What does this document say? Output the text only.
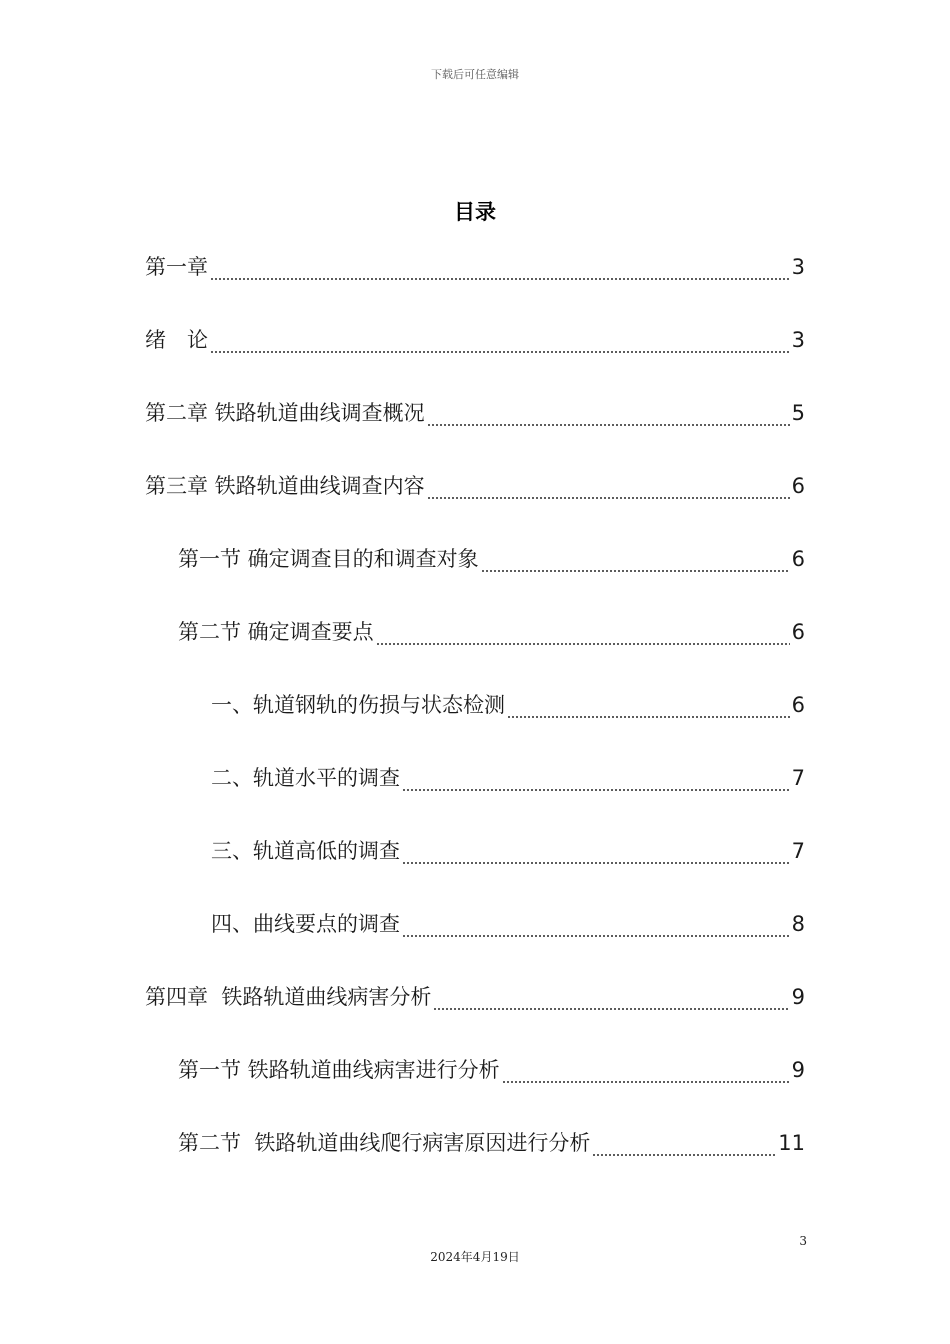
下载后可任意编辑
目录
第一章	3
绪　论	3
第二章 铁路轨道曲线调查概况	5
第三章 铁路轨道曲线调查内容	6
第一节 确定调查目的和调查对象	6
第二节 确定调查要点	6
一、轨道钢轨的伤损与状态检测	6
二、轨道水平的调查	7
三、轨道高低的调查	7
四、曲线要点的调查	8
第四章  铁路轨道曲线病害分析	9
第一节 铁路轨道曲线病害进行分析	9
第二节  铁路轨道曲线爬行病害原因进行分析	11
3
2024年4月19日
